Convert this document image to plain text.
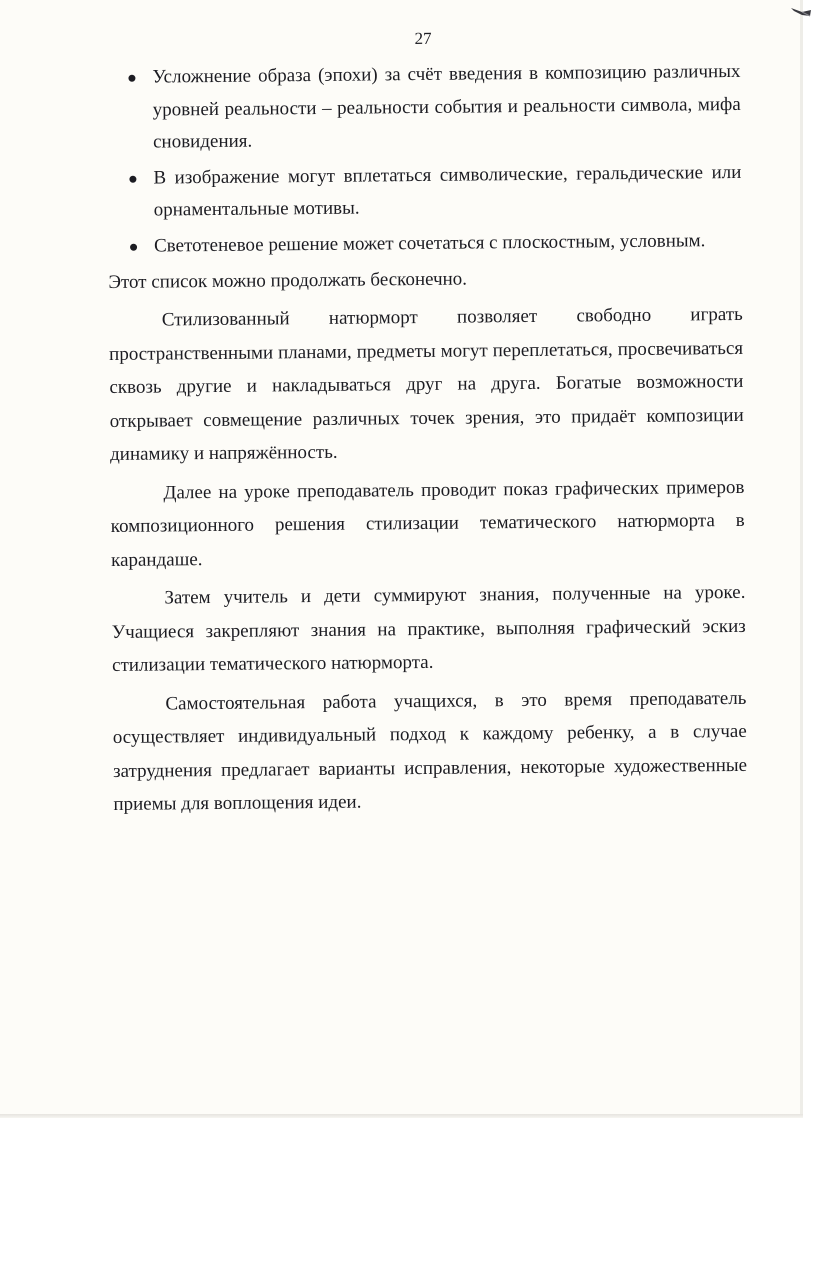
27
Усложнение образа (эпохи) за счёт введения в композицию различных уровней реальности – реальности события и реальности символа, мифа сновидения.
В изображение могут вплетаться символические, геральдические или орнаментальные мотивы.
Светотеневое решение может сочетаться с плоскостным, условным.

Этот список можно продолжать бесконечно.

Стилизованный натюрморт позволяет свободно играть пространственными планами, предметы могут переплетаться, просвечиваться сквозь другие и накладываться друг на друга. Богатые возможности открывает совмещение различных точек зрения, это придаёт композиции динамику и напряжённость.

Далее на уроке преподаватель проводит показ графических примеров композиционного решения стилизации тематического натюрморта в карандаше.

Затем учитель и дети суммируют знания, полученные на уроке. Учащиеся закрепляют знания на практике, выполняя графический эскиз стилизации тематического натюрморта.

Самостоятельная работа учащихся, в это время преподаватель осуществляет индивидуальный подход к каждому ребенку, а в случае затруднения предлагает варианты исправления, некоторые художественные приемы для воплощения идеи.
